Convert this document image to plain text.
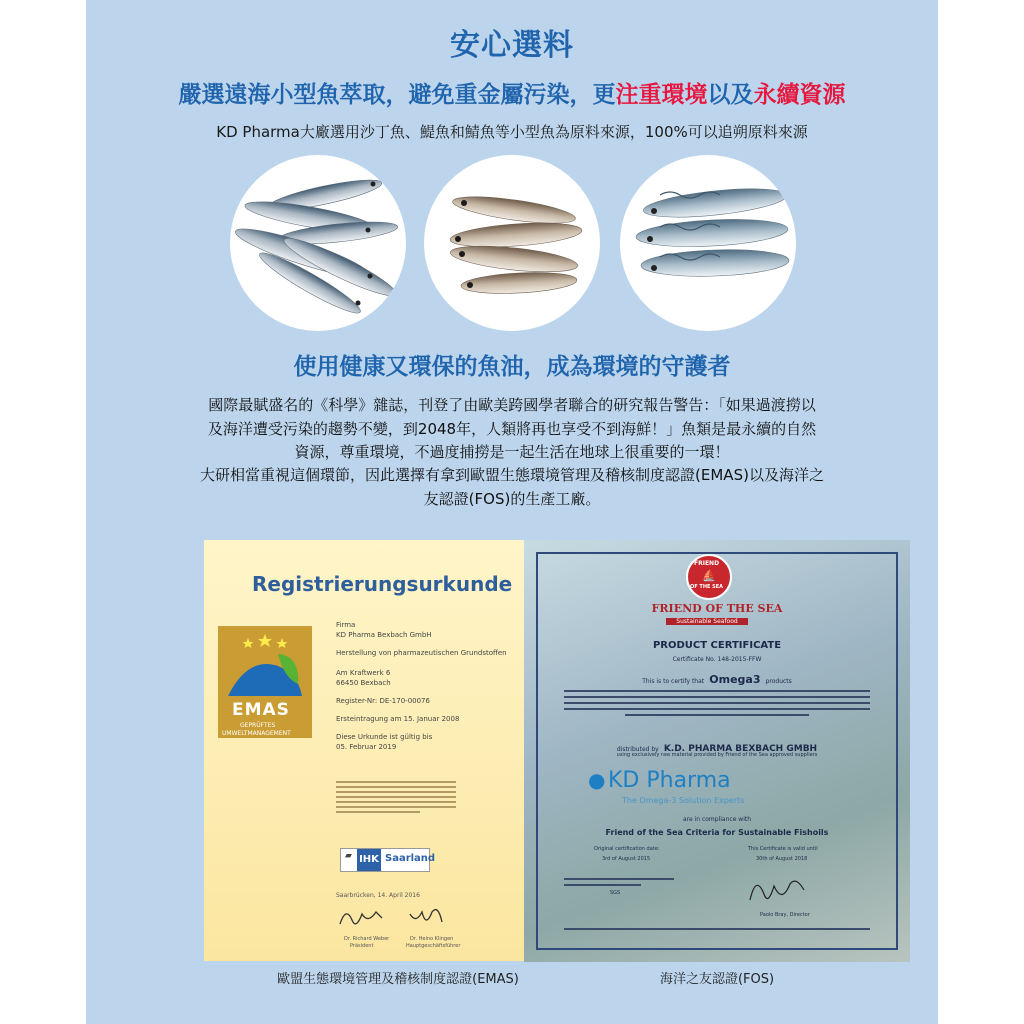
安心選料
嚴選遠海小型魚萃取，避免重金屬污染，更注重環境以及永續資源
KD Pharma大廠選用沙丁魚、鯷魚和鯖魚等小型魚為原料來源，100%可以追朔原料來源
使用健康又環保的魚油，成為環境的守護者

國際最賦盛名的《科學》雜誌，刊登了由歐美跨國學者聯合的研究報告警告：「如果過渡撈以

及海洋遭受污染的趨勢不變，到2048年，人類將再也享受不到海鮮！」魚類是最永續的自然

資源，尊重環境，不過度捕撈是一起生活在地球上很重要的一環！

大研相當重視這個環節，因此選擇有拿到歐盟生態環境管理及稽核制度認證(EMAS)以及海洋之

友認證(FOS)的生產工廠。

Registrierungsurkunde
EMAS
GEPRÜFTES
UMWELTMANAGEMENT
Firma
KD Pharma Bexbach GmbH
Herstellung von pharmazeutischen Grundstoffen
Am Kraftwerk 6
66450 Bexbach
Register-Nr: DE-170-00076
Ersteintragung am 15. Januar 2008
Diese Urkunde ist gültig bis
05. Februar 2019
▰ IHK Saarland
Saarbrücken, 14. April 2016
Dr. Richard Weber
Präsident
Dr. Heino Klingen
Hauptgeschäftsführer
FRIEND
⛵
OF THE SEA
FRIEND OF THE SEA
Sustainable Seafood
PRODUCT CERTIFICATE
Certificate No. 148-2015-FFW
This is to certify that Omega3 products
distributed by K.D. PHARMA BEXBACH GMBH
using exclusively raw material provided by Friend of the Sea approved suppliers
● KD Pharma
The Omega-3 Solution Experts
are in compliance with
Friend of the Sea Criteria for Sustainable Fishoils
Original certification date:
3rd of August 2015
This Certificate is valid until
30th of August 2018
SGS
Paolo Bray, Director
歐盟生態環境管理及稽核制度認證(EMAS)	海洋之友認證(FOS)
